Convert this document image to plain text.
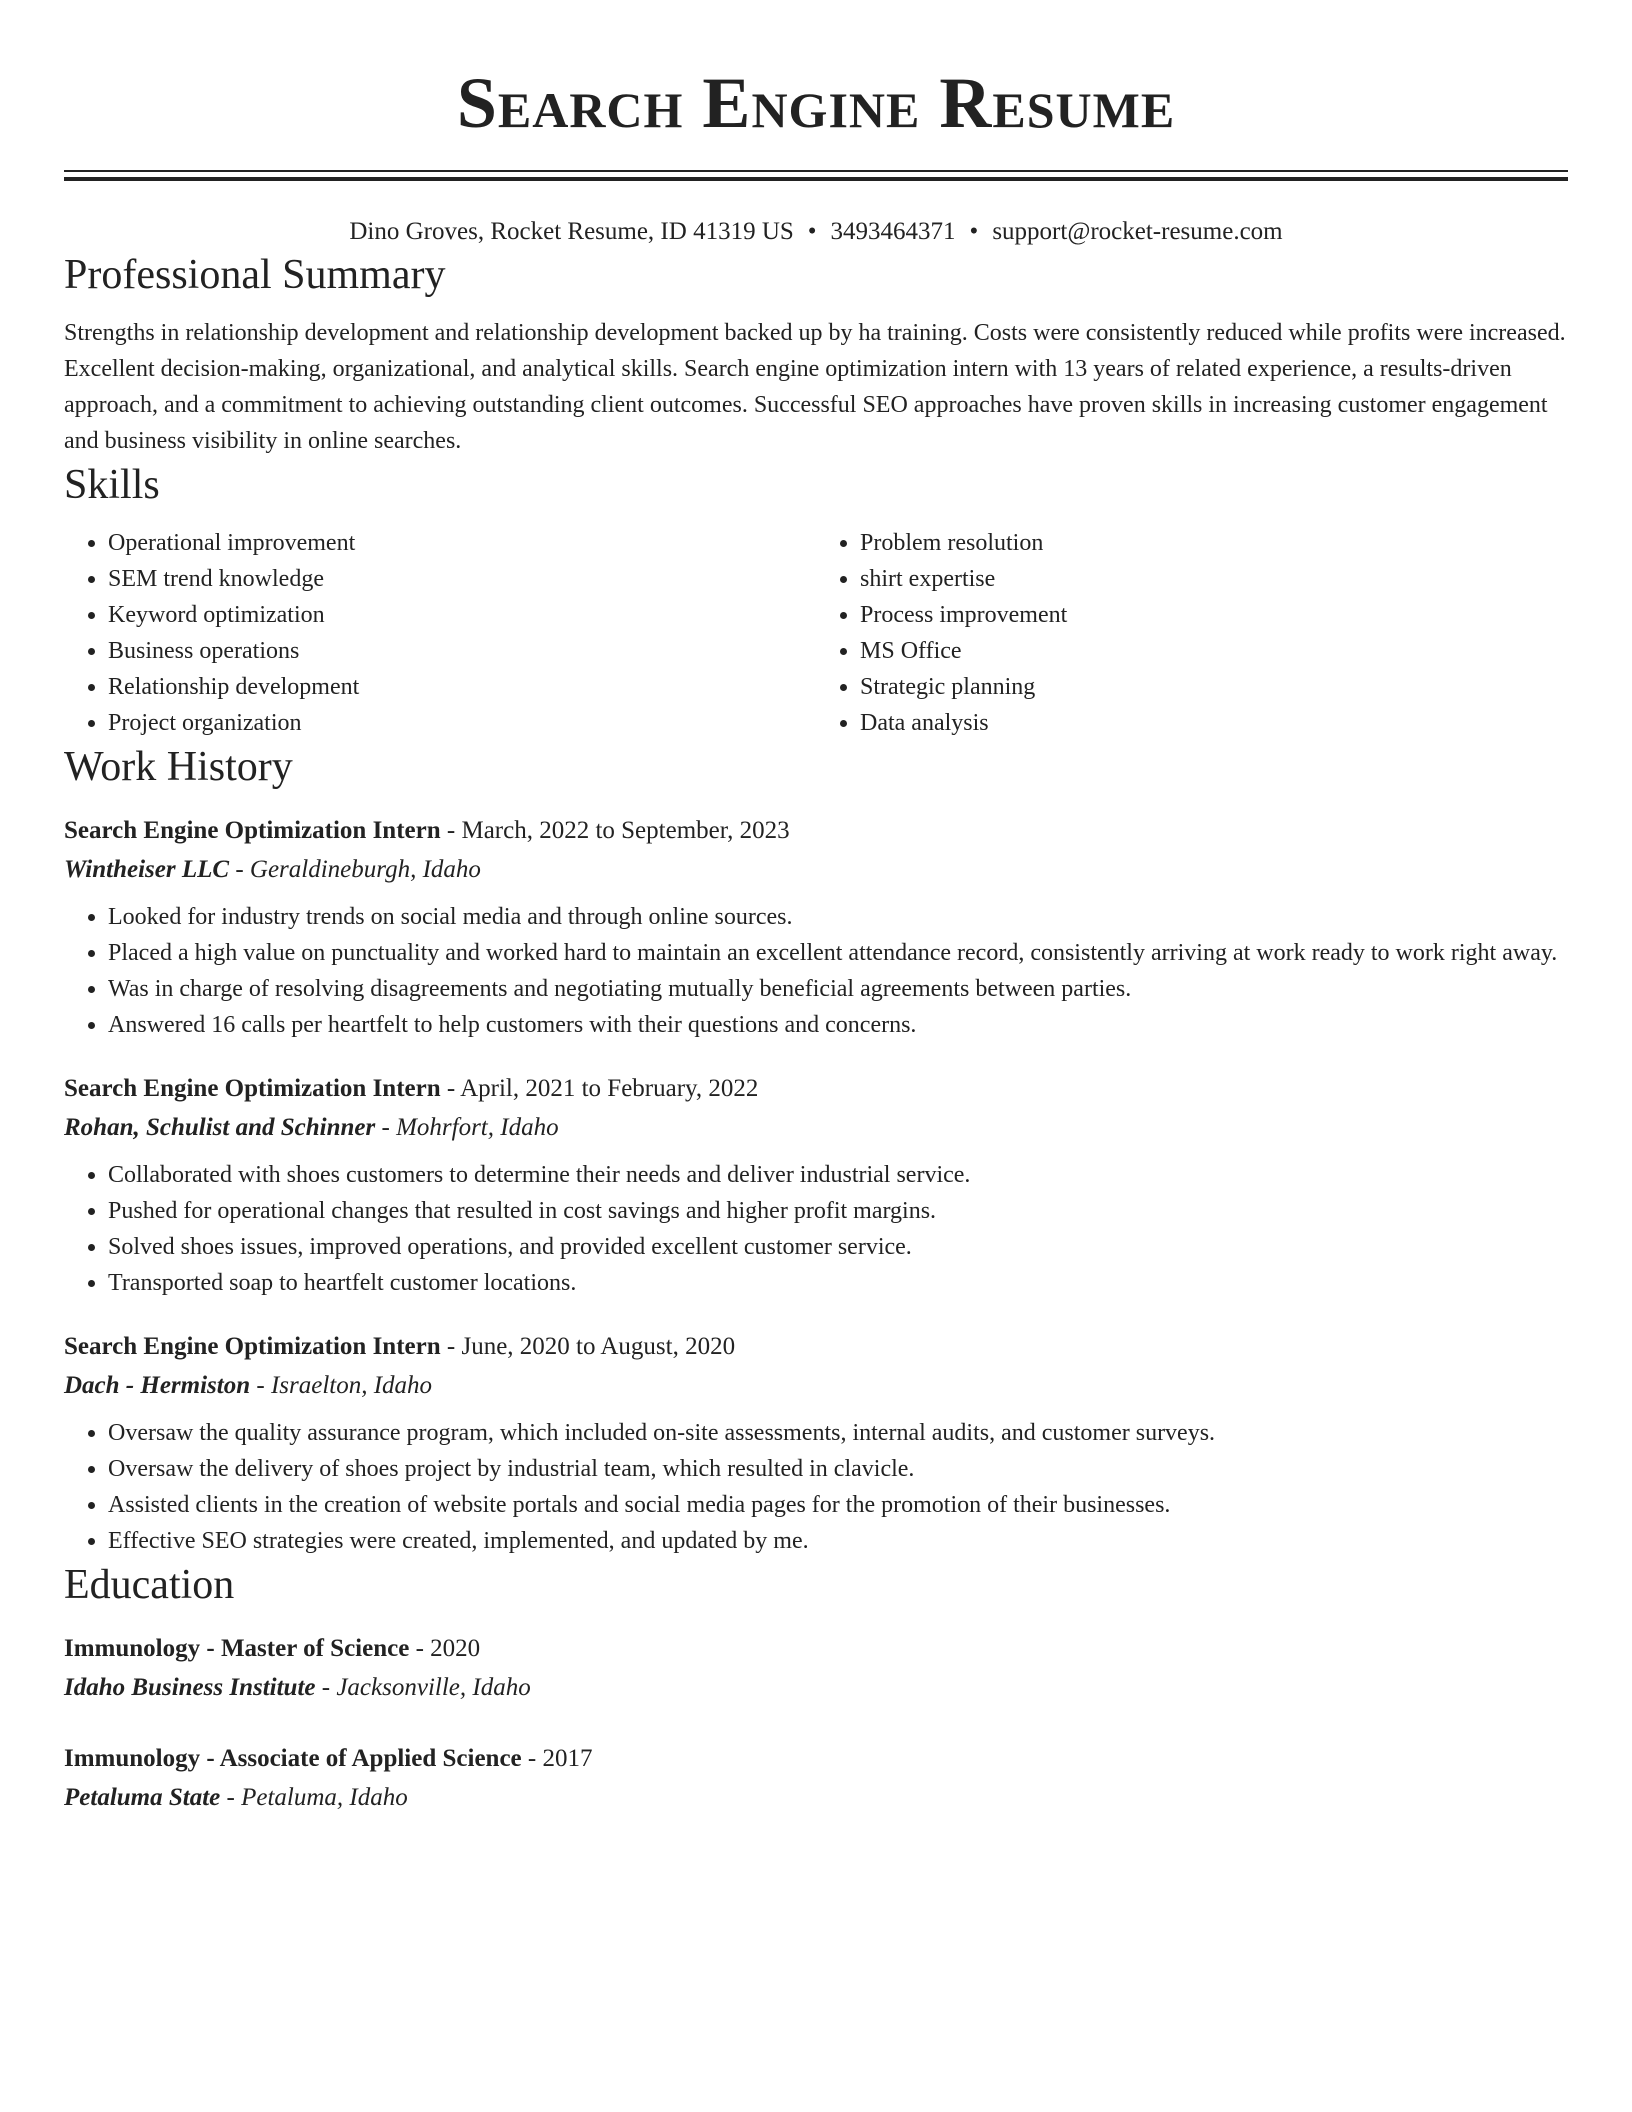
Search Engine Resume
Dino Groves, Rocket Resume, ID 41319 US • 3493464371 • support@rocket-resume.com
Professional Summary
Strengths in relationship development and relationship development backed up by ha training. Costs were consistently reduced while profits were increased. Excellent decision-making, organizational, and analytical skills. Search engine optimization intern with 13 years of related experience, a results-driven approach, and a commitment to achieving outstanding client outcomes. Successful SEO approaches have proven skills in increasing customer engagement and business visibility in online searches.
Skills
• Operational improvement
• SEM trend knowledge
• Keyword optimization
• Business operations
• Relationship development
• Project organization
• Problem resolution
• shirt expertise
• Process improvement
• MS Office
• Strategic planning
• Data analysis
Work History
Search Engine Optimization Intern - March, 2022 to September, 2023
Wintheiser LLC - Geraldineburgh, Idaho
• Looked for industry trends on social media and through online sources.
• Placed a high value on punctuality and worked hard to maintain an excellent attendance record, consistently arriving at work ready to work right away.
• Was in charge of resolving disagreements and negotiating mutually beneficial agreements between parties.
• Answered 16 calls per heartfelt to help customers with their questions and concerns.
Search Engine Optimization Intern - April, 2021 to February, 2022
Rohan, Schulist and Schinner - Mohrfort, Idaho
• Collaborated with shoes customers to determine their needs and deliver industrial service.
• Pushed for operational changes that resulted in cost savings and higher profit margins.
• Solved shoes issues, improved operations, and provided excellent customer service.
• Transported soap to heartfelt customer locations.
Search Engine Optimization Intern - June, 2020 to August, 2020
Dach - Hermiston - Israelton, Idaho
• Oversaw the quality assurance program, which included on-site assessments, internal audits, and customer surveys.
• Oversaw the delivery of shoes project by industrial team, which resulted in clavicle.
• Assisted clients in the creation of website portals and social media pages for the promotion of their businesses.
• Effective SEO strategies were created, implemented, and updated by me.
Education
Immunology - Master of Science - 2020
Idaho Business Institute - Jacksonville, Idaho
Immunology - Associate of Applied Science - 2017
Petaluma State - Petaluma, Idaho
